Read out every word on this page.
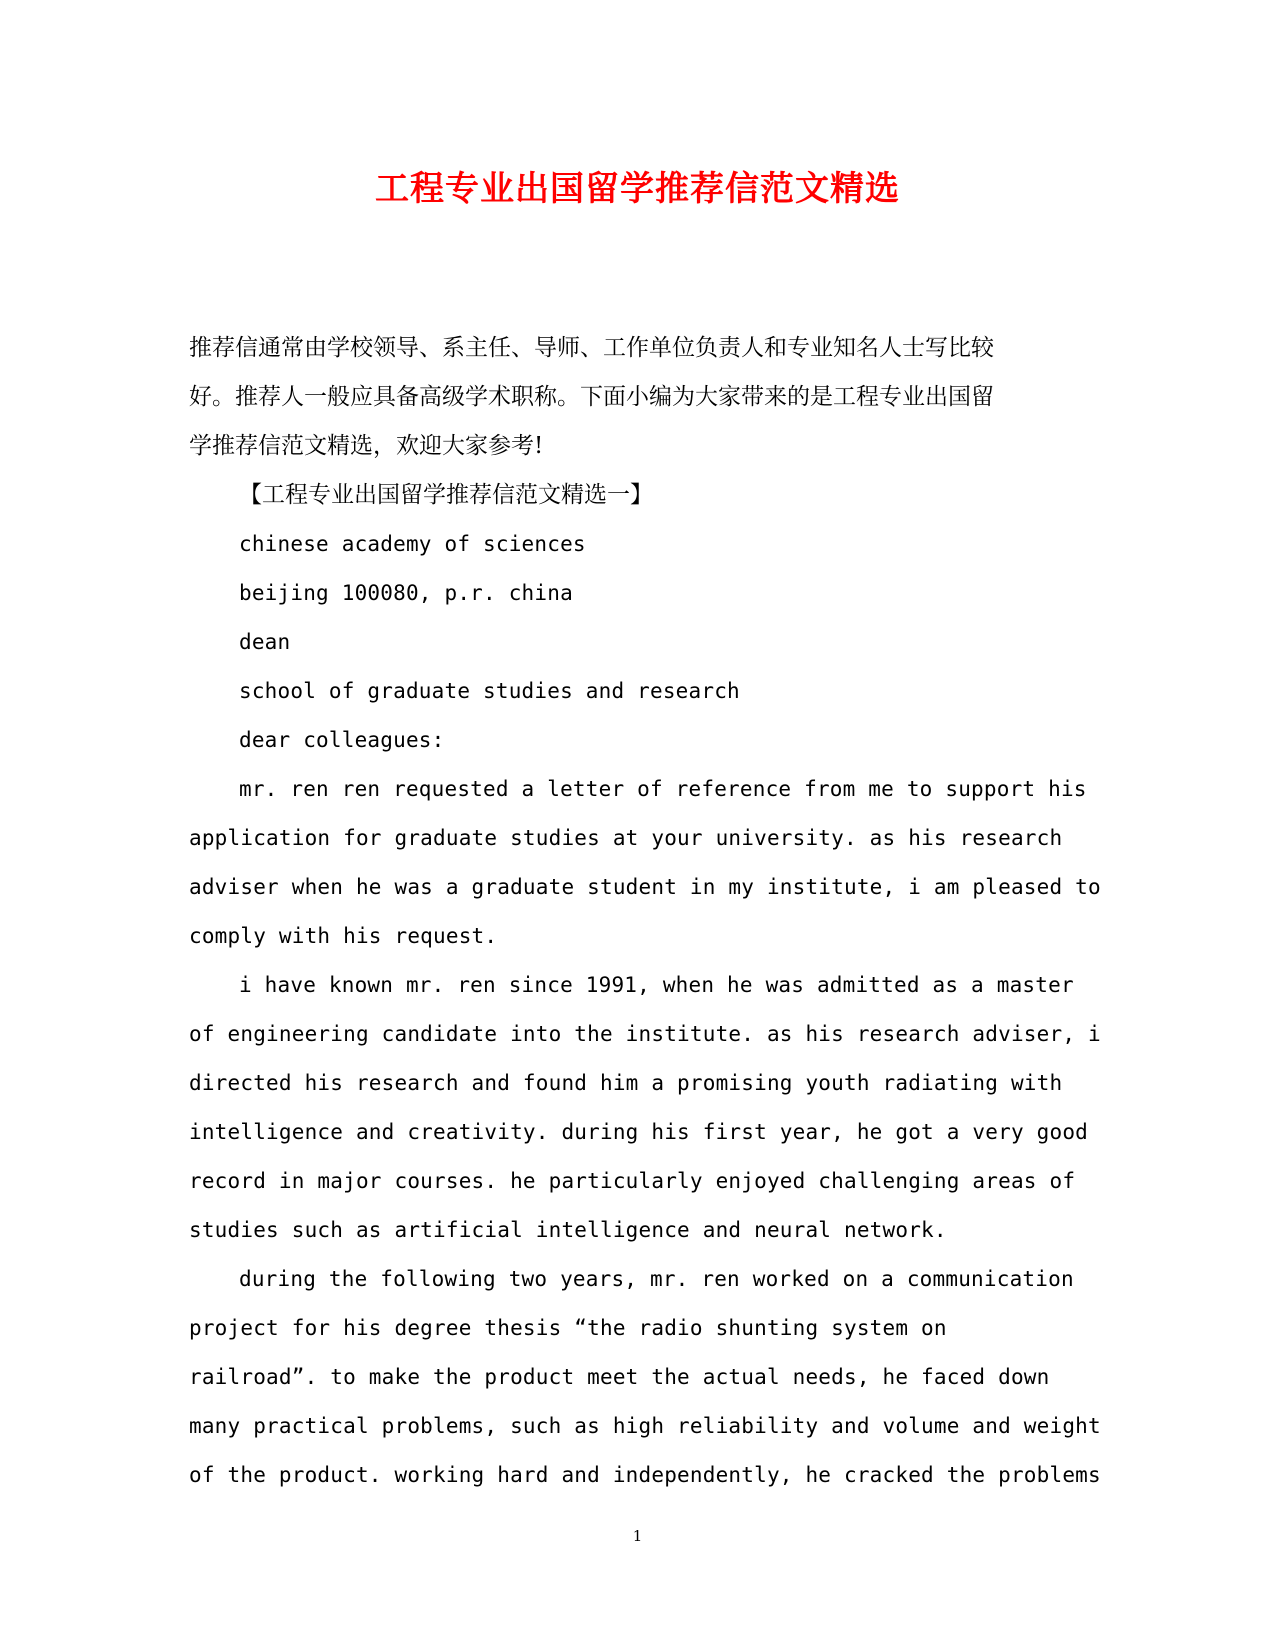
工程专业出国留学推荐信范文精选
推荐信通常由学校领导、系主任、导师、工作单位负责人和专业知名人士写比较
好。推荐人一般应具备高级学术职称。下面小编为大家带来的是工程专业出国留
学推荐信范文精选，欢迎大家参考!
【工程专业出国留学推荐信范文精选一】
chinese academy of sciences
beijing 100080, p.r. china
dean
school of graduate studies and research
dear colleagues:
mr. ren ren requested a letter of reference from me to support his
application for graduate studies at your university. as his research
adviser when he was a graduate student in my institute, i am pleased to
comply with his request.
i have known mr. ren since 1991, when he was admitted as a master
of engineering candidate into the institute. as his research adviser, i
directed his research and found him a promising youth radiating with
intelligence and creativity. during his first year, he got a very good
record in major courses. he particularly enjoyed challenging areas of
studies such as artificial intelligence and neural network.
during the following two years, mr. ren worked on a communication
project for his degree thesis “the radio shunting system on
railroad”. to make the product meet the actual needs, he faced down
many practical problems, such as high reliability and volume and weight
of the product. working hard and independently, he cracked the problems
1
